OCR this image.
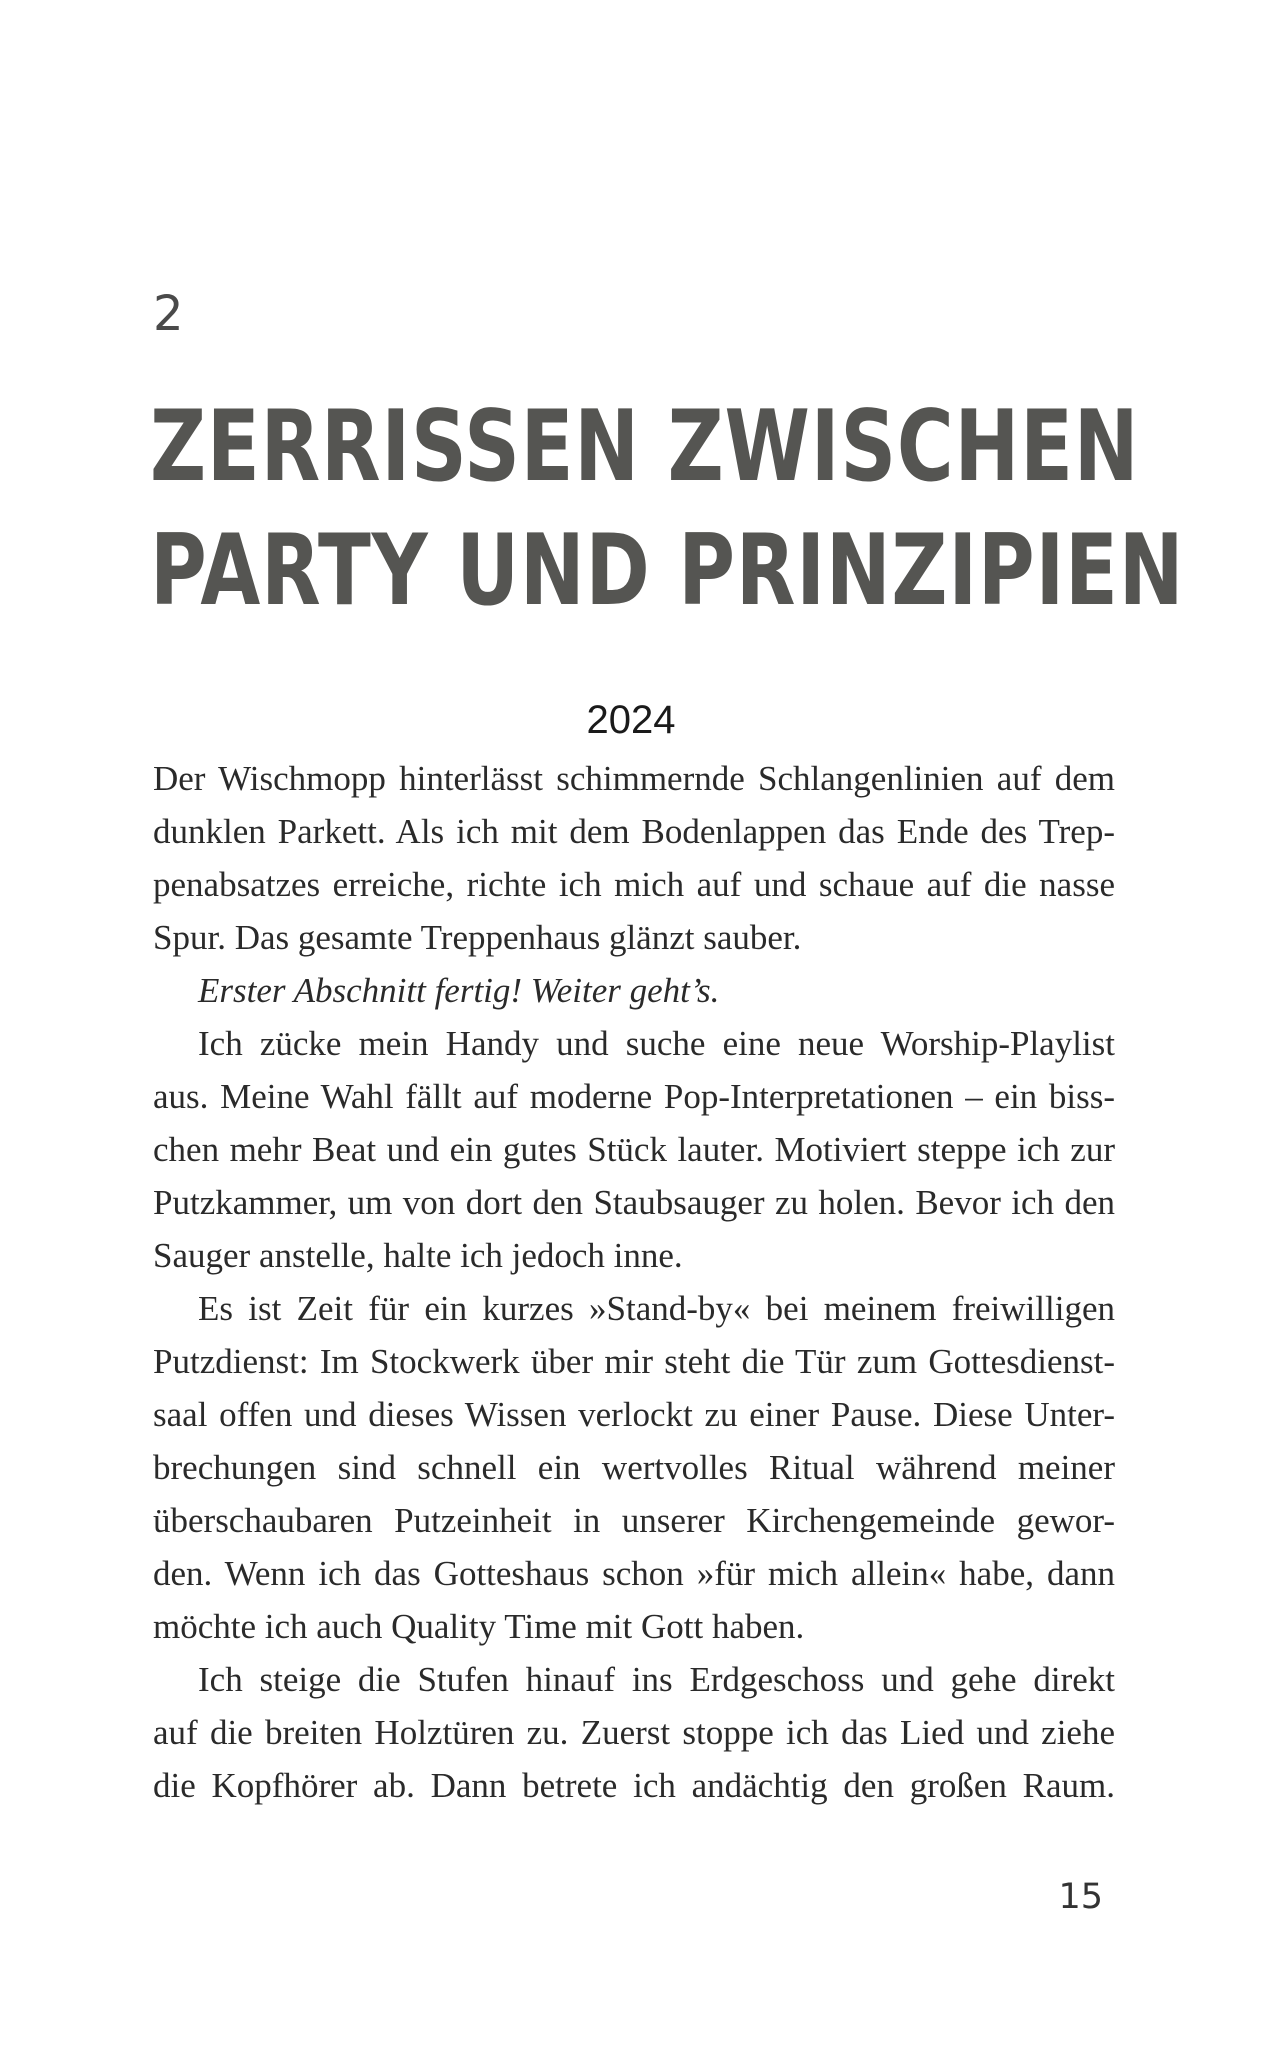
2
ZERRISSEN ZWISCHEN
PARTY UND PRINZIPIEN
2024
Der Wischmopp hinterlässt schimmernde Schlangenlinien auf dem
dunklen Parkett. Als ich mit dem Bodenlappen das Ende des Trep-
penabsatzes erreiche, richte ich mich auf und schaue auf die nasse
Spur. Das gesamte Treppenhaus glänzt sauber.
Erster Abschnitt fertig! Weiter geht’s.
Ich zücke mein Handy und suche eine neue Worship-Playlist
aus. Meine Wahl fällt auf moderne Pop-Interpretationen – ein biss-
chen mehr Beat und ein gutes Stück lauter. Motiviert steppe ich zur
Putzkammer, um von dort den Staubsauger zu holen. Bevor ich den
Sauger anstelle, halte ich jedoch inne.
Es ist Zeit für ein kurzes »Stand-by« bei meinem freiwilligen
Putzdienst: Im Stockwerk über mir steht die Tür zum Gottesdienst-
saal offen und dieses Wissen verlockt zu einer Pause. Diese Unter-
brechungen sind schnell ein wertvolles Ritual während meiner
überschaubaren Putzeinheit in unserer Kirchengemeinde gewor-
den. Wenn ich das Gotteshaus schon »für mich allein« habe, dann
möchte ich auch Quality Time mit Gott haben.
Ich steige die Stufen hinauf ins Erdgeschoss und gehe direkt
auf die breiten Holztüren zu. Zuerst stoppe ich das Lied und ziehe
die Kopfhörer ab. Dann betrete ich andächtig den großen Raum.
15
